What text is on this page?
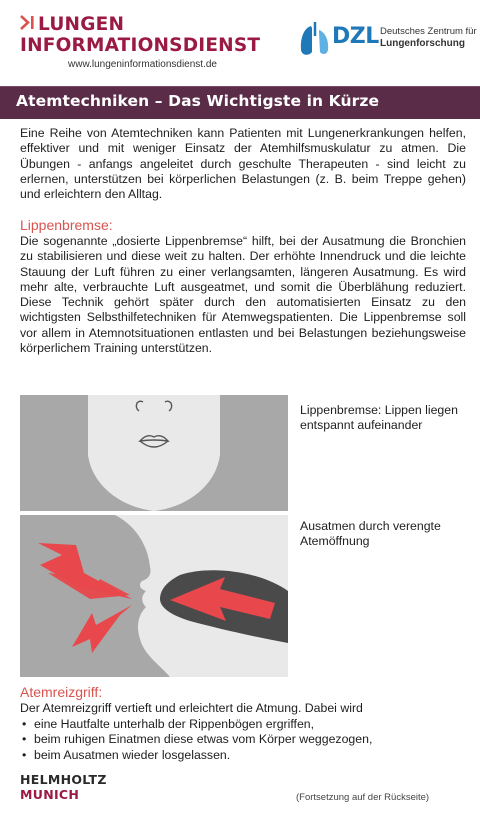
LUNGEN
INFORMATIONSDIENST
www.lungeninformationsdienst.de
DZL Deutsches Zentrum für
Lungenforschung
Atemtechniken – Das Wichtigste in Kürze

Eine Reihe von Atemtechniken kann Patienten mit Lungenerkrankungen helfen, effektiver und mit weniger Einsatz der Atemhilfsmuskulatur zu atmen. Die Übungen - anfangs angeleitet durch geschulte Therapeuten - sind leicht zu erlernen, unterstützen bei körperlichen Belastungen (z. B. beim Treppe gehen) und erleichtern den Alltag.

Lippenbremse:

Die sogenannte „dosierte Lippenbremse“ hilft, bei der Ausatmung die Bronchien zu stabilisieren und diese weit zu halten. Der erhöhte Innendruck und die leichte Stauung der Luft führen zu einer verlangsamten, längeren Ausatmung. Es wird mehr alte, verbrauchte Luft ausgeatmet, und somit die Überblähung reduziert. Diese Technik gehört später durch den automatisierten Einsatz zu den wichtigsten Selbsthilfetechniken für Atemwegspatienten. Die Lippenbremse soll vor allem in Atemnotsituationen entlasten und bei Belastungen beziehungsweise körperlichem Training unterstützen.

Lippenbremse: Lippen liegen entspannt aufeinander
Ausatmen durch verengte Atemöffnung
Atemreizgriff:
Der Atemreizgriff vertieft und erleichtert die Atmung. Dabei wird
• eine Hautfalte unterhalb der Rippenbögen ergriffen,
• beim ruhigen Einatmen diese etwas vom Körper weggezogen,
• beim Ausatmen wieder losgelassen.
HELMHOLTZ
MUNICH	(Fortsetzung auf der Rückseite)
